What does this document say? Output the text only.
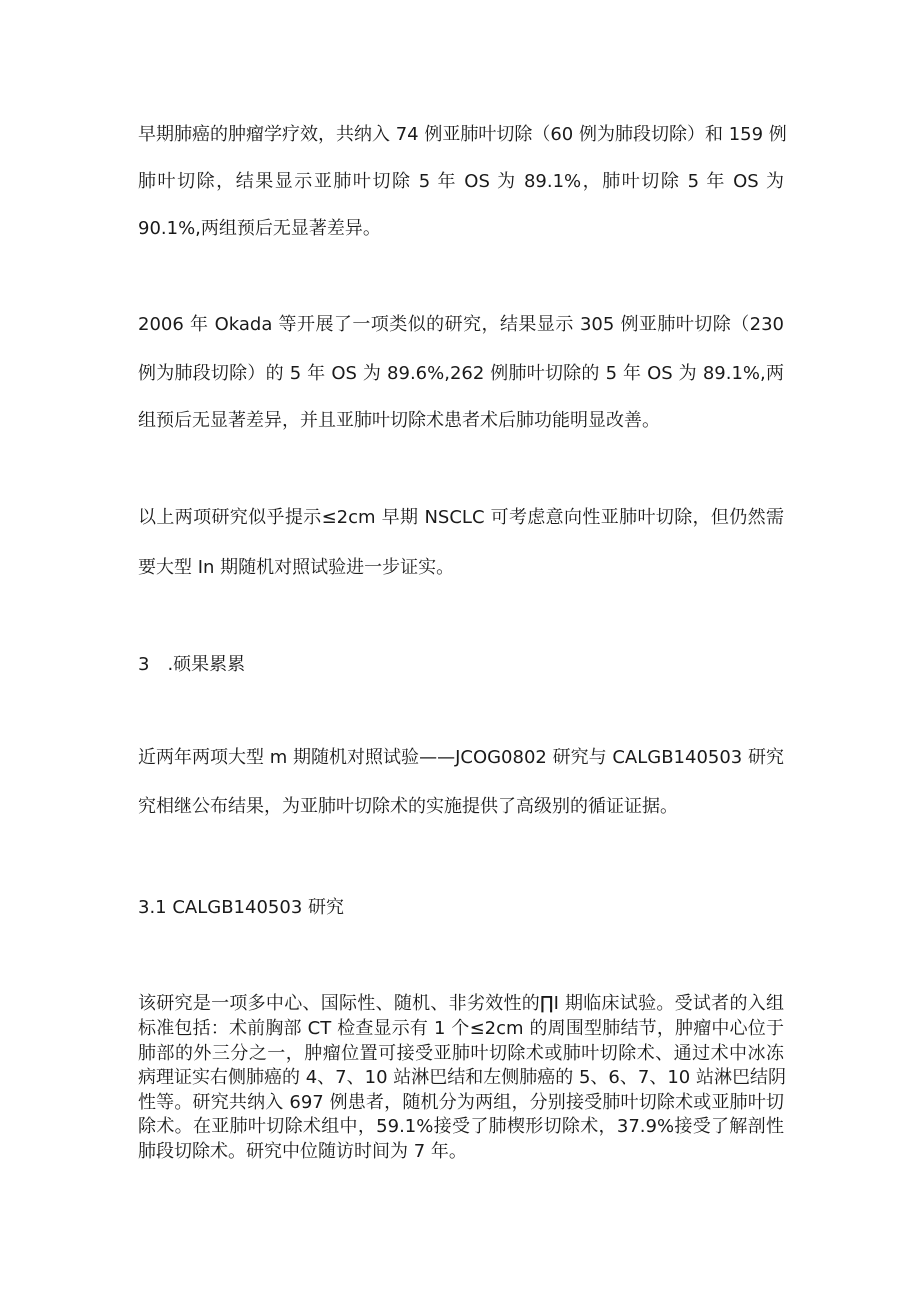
早期肺癌的肿瘤学疗效，共纳入 74 例亚肺叶切除（60 例为肺段切除）和 159 例

肺叶切除，结果显示亚肺叶切除 5 年 OS 为 89.1%，肺叶切除 5 年 OS 为

90.1%,两组预后无显著差异。

2006 年 Okada 等开展了一项类似的研究，结果显示 305 例亚肺叶切除（230

例为肺段切除）的 5 年 OS 为 89.6%,262 例肺叶切除的 5 年 OS 为 89.1%,两

组预后无显著差异，并且亚肺叶切除术患者术后肺功能明显改善。

以上两项研究似乎提示≤2cm 早期 NSCLC 可考虑意向性亚肺叶切除，但仍然需

要大型 In 期随机对照试验进一步证实。

3　.硕果累累

近两年两项大型 m 期随机对照试验——JCOG0802 研究与 CALGB140503 研究

究相继公布结果，为亚肺叶切除术的实施提供了高级别的循证证据。

3.1 CALGB140503 研究

该研究是一项多中心、国际性、随机、非劣效性的∏I 期临床试验。受试者的入组

标准包括：术前胸部 CT 检查显示有 1 个≤2cm 的周围型肺结节，肿瘤中心位于

肺部的外三分之一，肿瘤位置可接受亚肺叶切除术或肺叶切除术、通过术中冰冻

病理证实右侧肺癌的 4、7、10 站淋巴结和左侧肺癌的 5、6、7、10 站淋巴结阴

性等。研究共纳入 697 例患者，随机分为两组，分别接受肺叶切除术或亚肺叶切

除术。在亚肺叶切除术组中，59.1%接受了肺楔形切除术，37.9%接受了解剖性

肺段切除术。研究中位随访时间为 7 年。
